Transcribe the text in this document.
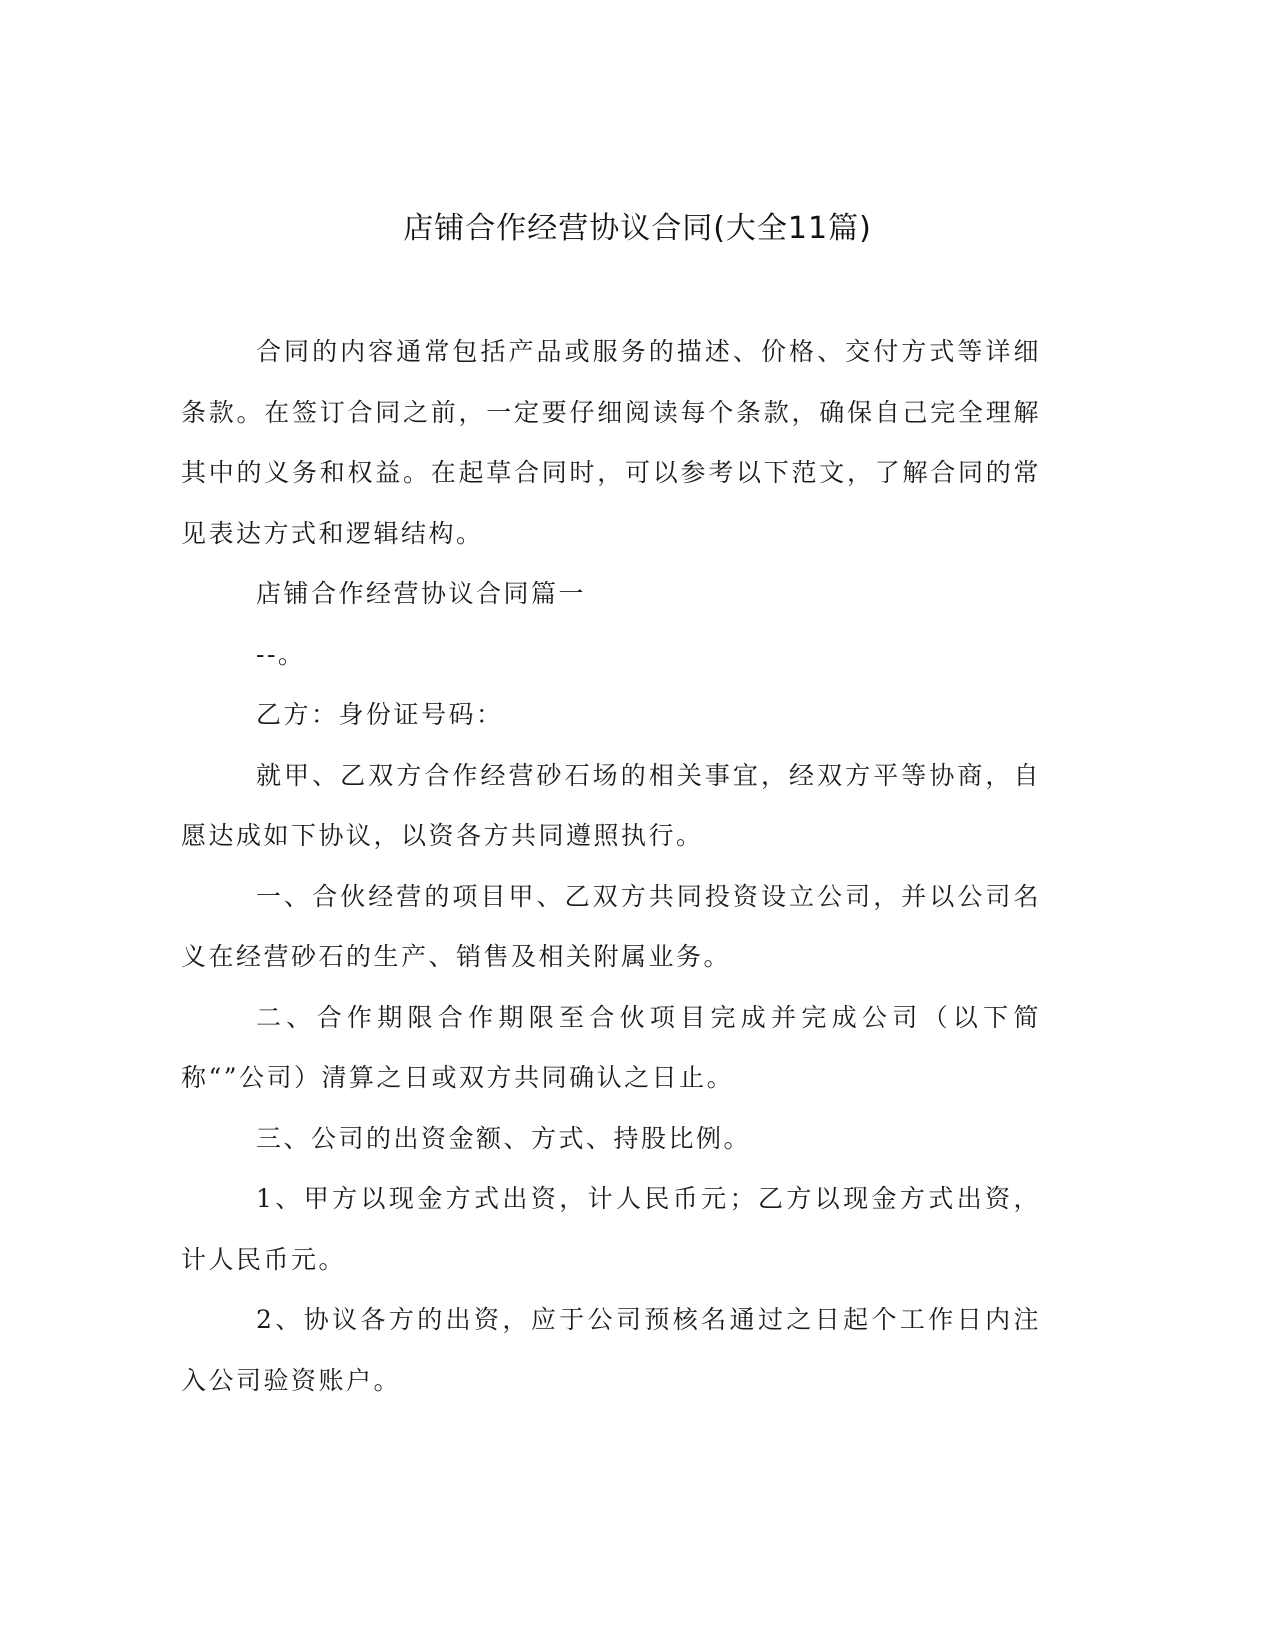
店铺合作经营协议合同(大全11篇)

合同的内容通常包括产品或服务的描述、价格、交付方式等详细条款。在签订合同之前，一定要仔细阅读每个条款，确保自己完全理解其中的义务和权益。在起草合同时，可以参考以下范文，了解合同的常见表达方式和逻辑结构。

店铺合作经营协议合同篇一

--。

乙方：身份证号码：

就甲、乙双方合作经营砂石场的相关事宜，经双方平等协商，自愿达成如下协议，以资各方共同遵照执行。

一、合伙经营的项目甲、乙双方共同投资设立公司，并以公司名义在经营砂石的生产、销售及相关附属业务。

二、合作期限合作期限至合伙项目完成并完成公司（以下简称“”公司）清算之日或双方共同确认之日止。

三、公司的出资金额、方式、持股比例。

1、甲方以现金方式出资，计人民币元；乙方以现金方式出资，计人民币元。

2、协议各方的出资，应于公司预核名通过之日起个工作日内注入公司验资账户。
